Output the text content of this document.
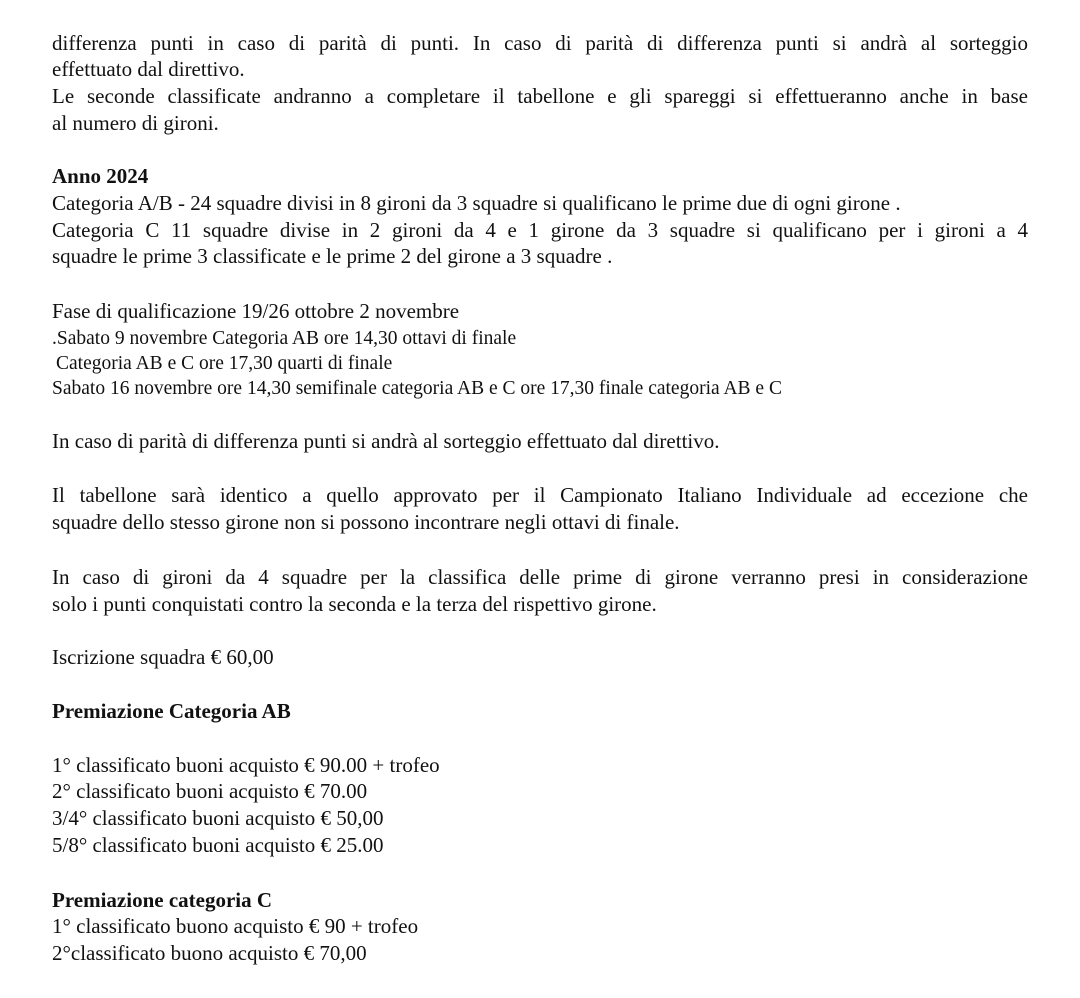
differenza punti in caso di parità di punti. In caso di parità di differenza punti si andrà al sorteggio

effettuato dal direttivo.

Le seconde classificate andranno a completare il tabellone e gli spareggi si effettueranno anche in base

al numero di gironi.

Anno 2024

Categoria A/B - 24 squadre divisi in 8 gironi da 3 squadre si qualificano le prime due di ogni girone .

Categoria C 11 squadre divise in 2 gironi da 4 e 1 girone da 3 squadre si qualificano per i gironi a 4

squadre le prime 3 classificate e le prime 2 del girone a 3 squadre .

Fase di qualificazione 19/26 ottobre 2 novembre

.Sabato 9 novembre Categoria AB ore 14,30 ottavi di finale

Categoria AB e C ore 17,30 quarti di finale

Sabato 16 novembre ore 14,30 semifinale categoria AB e C ore 17,30 finale categoria AB e C

In caso di parità di differenza punti si andrà al sorteggio effettuato dal direttivo.

Il tabellone sarà identico a quello approvato per il Campionato Italiano Individuale ad eccezione che

squadre dello stesso girone non si possono incontrare negli ottavi di finale.

In caso di gironi da 4 squadre per la classifica delle prime di girone verranno presi in considerazione

solo i punti conquistati contro la seconda e la terza del rispettivo girone.

Iscrizione squadra € 60,00

Premiazione Categoria AB

1° classificato buoni acquisto € 90.00 + trofeo

2° classificato buoni acquisto € 70.00

3/4° classificato buoni acquisto € 50,00

5/8° classificato buoni acquisto € 25.00

Premiazione categoria C

1° classificato buono acquisto € 90 + trofeo

2°classificato buono acquisto € 70,00
